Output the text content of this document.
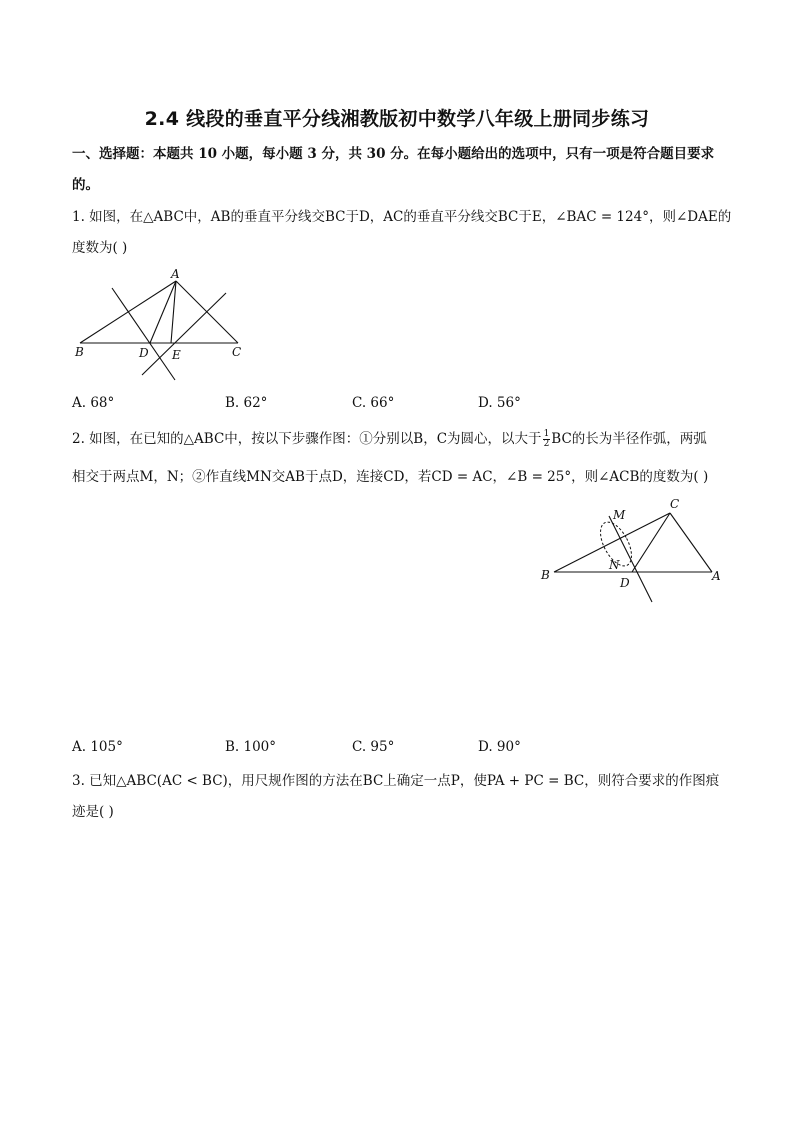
2.4 线段的垂直平分线湘教版初中数学八年级上册同步练习
一、选择题：本题共 10 小题，每小题 3 分，共 30 分。在每小题给出的选项中，只有一项是符合题目要求
的。
1. 如图，在△ABC中，AB的垂直平分线交BC于D，AC的垂直平分线交BC于E，∠BAC = 124°，则∠DAE的
度数为( )
A
B	C
D E
A. 68°	B. 62°	C. 66°	D. 56°
2. 如图，在已知的△ABC中，按以下步骤作图：①分别以B，C为圆心，以大于 $\frac{1}{2}$ BC的长为半径作弧，两弧
相交于两点M，N；②作直线MN交AB于点D，连接CD，若CD = AC，∠B = 25°，则∠ACB的度数为( )
M
N
C
B
D	A
A. 105°	B. 100°	C. 95°	D. 90°
3. 已知△ABC(AC < BC)，用尺规作图的方法在BC上确定一点P，使PA + PC = BC，则符合要求的作图痕
迹是( )
